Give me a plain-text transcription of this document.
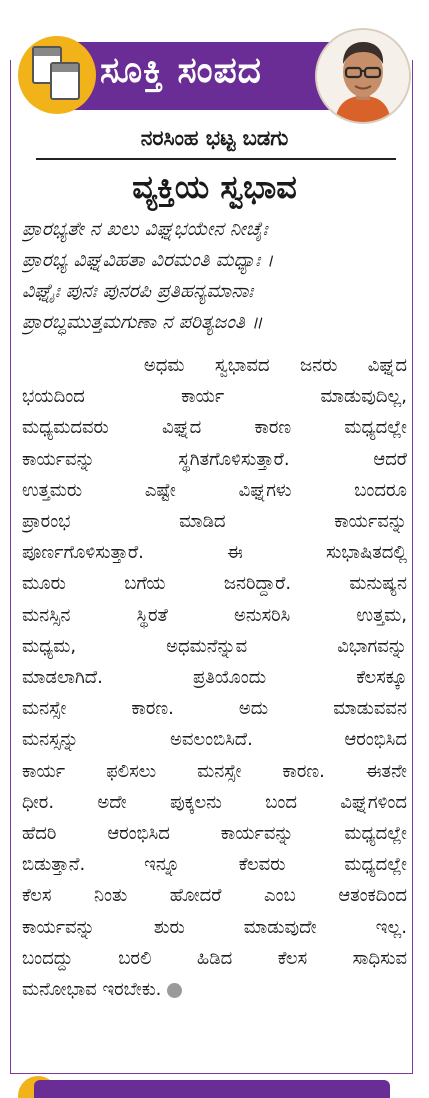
ಸೂಕ್ತಿ ಸಂಪದ
ನರಸಿಂಹ ಭಟ್ಟ ಬಡಗು
ವ್ಯಕ್ತಿಯ ಸ್ವಭಾವ
ಪ್ರಾರಭ್ಯತೇ ನ ಖಲು ವಿಘ್ನಭಯೇನ ನೀಚೈಃ
ಪ್ರಾರಭ್ಯ ವಿಘ್ನವಿಹತಾ ವಿರಮಂತಿ ಮಧ್ಯಾಃ ।
ವಿಘ್ನೈಃ ಪುನಃ ಪುನರಪಿ ಪ್ರತಿಹನ್ಯಮಾನಾಃ
ಪ್ರಾರಬ್ಧಮುತ್ತಮಗುಣಾ ನ ಪರಿತ್ಯಜಂತಿ ॥
ಅಧಮ ಸ್ವಭಾವದ ಜನರು ವಿಘ್ನದ
ಭಯದಿಂದ ಕಾರ್ಯ ಮಾಡುವುದಿಲ್ಲ,
ಮಧ್ಯಮದವರು ವಿಘ್ನದ ಕಾರಣ ಮಧ್ಯದಲ್ಲೇ
ಕಾರ್ಯವನ್ನು ಸ್ಥಗಿತಗೊಳಿಸುತ್ತಾರೆ. ಆದರೆ
ಉತ್ತಮರು ಎಷ್ಟೇ ವಿಘ್ನಗಳು ಬಂದರೂ
ಪ್ರಾರಂಭ ಮಾಡಿದ ಕಾರ್ಯವನ್ನು
ಪೂರ್ಣಗೊಳಿಸುತ್ತಾರೆ. ಈ ಸುಭಾಷಿತದಲ್ಲಿ
ಮೂರು ಬಗೆಯ ಜನರಿದ್ದಾರೆ. ಮನುಷ್ಯನ
ಮನಸ್ಸಿನ ಸ್ಥಿರತೆ ಅನುಸರಿಸಿ ಉತ್ತಮ,
ಮಧ್ಯಮ, ಅಧಮನೆನ್ನುವ ವಿಭಾಗವನ್ನು
ಮಾಡಲಾಗಿದೆ. ಪ್ರತಿಯೊಂದು ಕೆಲಸಕ್ಕೂ
ಮನಸ್ಸೇ ಕಾರಣ. ಅದು ಮಾಡುವವನ
ಮನಸ್ಸನ್ನು ಅವಲಂಬಿಸಿದೆ. ಆರಂಭಿಸಿದ
ಕಾರ್ಯ ಫಲಿಸಲು ಮನಸ್ಸೇ ಕಾರಣ. ಈತನೇ
ಧೀರ. ಅದೇ ಪುಕ್ಕಲನು ಬಂದ ವಿಘ್ನಗಳಿಂದ
ಹೆದರಿ ಆರಂಭಿಸಿದ ಕಾರ್ಯವನ್ನು ಮಧ್ಯದಲ್ಲೇ
ಬಿಡುತ್ತಾನೆ. ಇನ್ನೂ ಕೆಲವರು ಮಧ್ಯದಲ್ಲೇ
ಕೆಲಸ ನಿಂತು ಹೋದರೆ ಎಂಬ ಆತಂಕದಿಂದ
ಕಾರ್ಯವನ್ನು ಶುರು ಮಾಡುವುದೇ ಇಲ್ಲ.
ಬಂದದ್ದು ಬರಲಿ ಹಿಡಿದ ಕೆಲಸ ಸಾಧಿಸುವ
ಮನೋಭಾವ ಇರಬೇಕು.
